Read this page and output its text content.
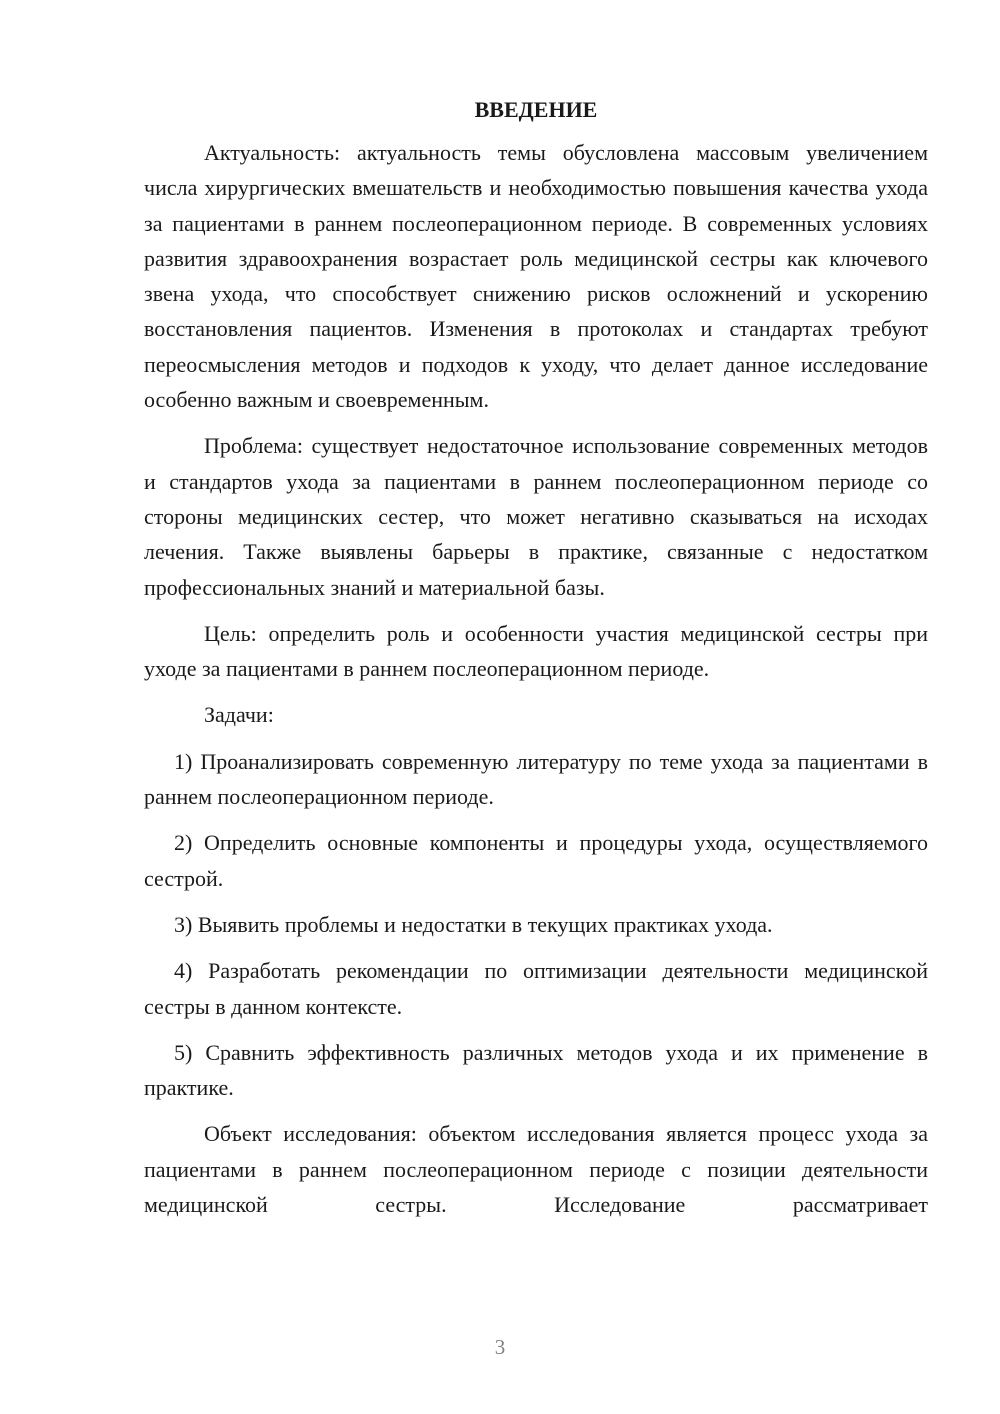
ВВЕДЕНИЕ

Актуальность: актуальность темы обусловлена массовым увеличением числа хирургических вмешательств и необходимостью повышения качества ухода за пациентами в раннем послеоперационном периоде. В современных условиях развития здравоохранения возрастает роль медицинской сестры как ключевого звена ухода, что способствует снижению рисков осложнений и ускорению восстановления пациентов. Изменения в протоколах и стандартах требуют переосмысления методов и подходов к уходу, что делает данное исследование особенно важным и своевременным.

Проблема: существует недостаточное использование современных методов и стандартов ухода за пациентами в раннем послеоперационном периоде со стороны медицинских сестер, что может негативно сказываться на исходах лечения. Также выявлены барьеры в практике, связанные с недостатком профессиональных знаний и материальной базы.

Цель: определить роль и особенности участия медицинской сестры при уходе за пациентами в раннем послеоперационном периоде.

Задачи:

1) Проанализировать современную литературу по теме ухода за пациентами в раннем послеоперационном периоде.

2) Определить основные компоненты и процедуры ухода, осуществляемого сестрой.

3) Выявить проблемы и недостатки в текущих практиках ухода.

4) Разработать рекомендации по оптимизации деятельности медицинской сестры в данном контексте.

5) Сравнить эффективность различных методов ухода и их применение в практике.

Объект исследования: объектом исследования является процесс ухода за пациентами в раннем послеоперационном периоде с позиции деятельности медицинской сестры. Исследование рассматривает

3
